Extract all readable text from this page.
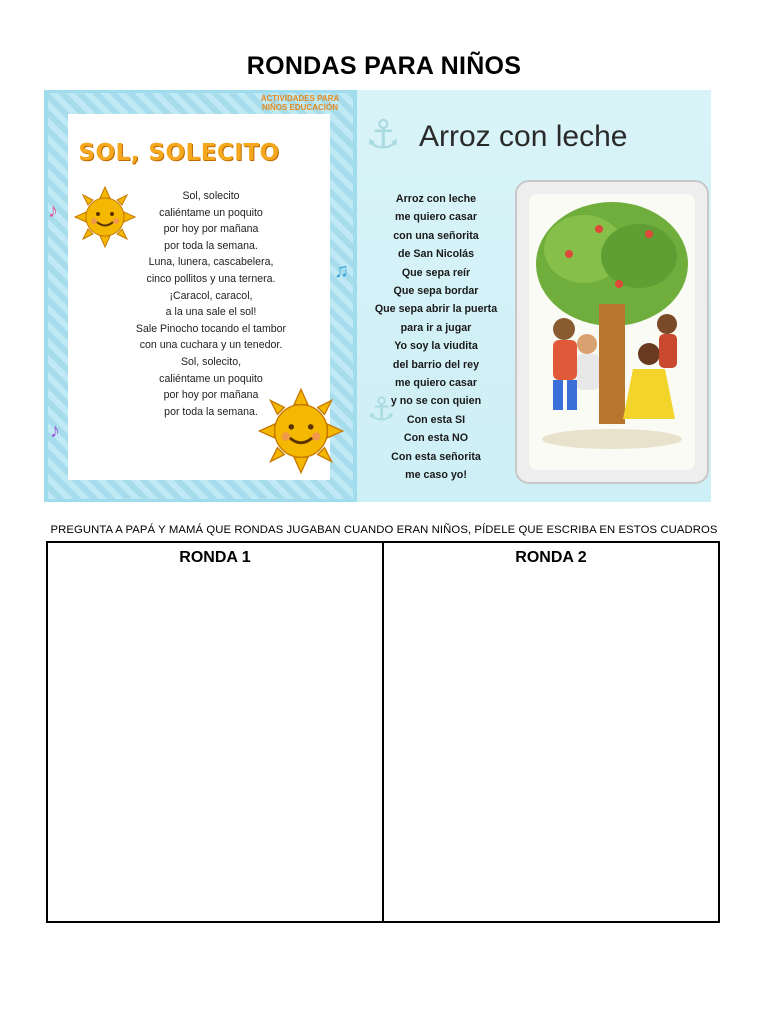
RONDAS PARA NIÑOS
♪
♫
♪
ACTIVIDADES PARA NIÑOS EDUCACIÓN
SOL, SOLECITO
Sol, solecito
caliéntame un poquito
por hoy por mañana
por toda la semana.
Luna, lunera, cascabelera,
cinco pollitos y una ternera.
¡Caracol, caracol,
a la una sale el sol!
Sale Pinocho tocando el tambor
con una cuchara y un tenedor.
Sol, solecito,
caliéntame un poquito
por hoy por mañana
por toda la semana.
⚓
⚓
Arroz con leche
Arroz con leche
me quiero casar
con una señorita
de San Nicolás
Que sepa reír
Que sepa bordar
Que sepa abrir la puerta
para ir a jugar
Yo soy la viudita
del barrio del rey
me quiero casar
y no se con quien
Con esta SI
Con esta NO
Con esta señorita
me caso yo!
PREGUNTA A PAPÁ Y MAMÁ QUE RONDAS JUGABAN CUANDO ERAN NIÑOS, PÍDELE QUE ESCRIBA EN ESTOS CUADROS
RONDA 1	RONDA 2
